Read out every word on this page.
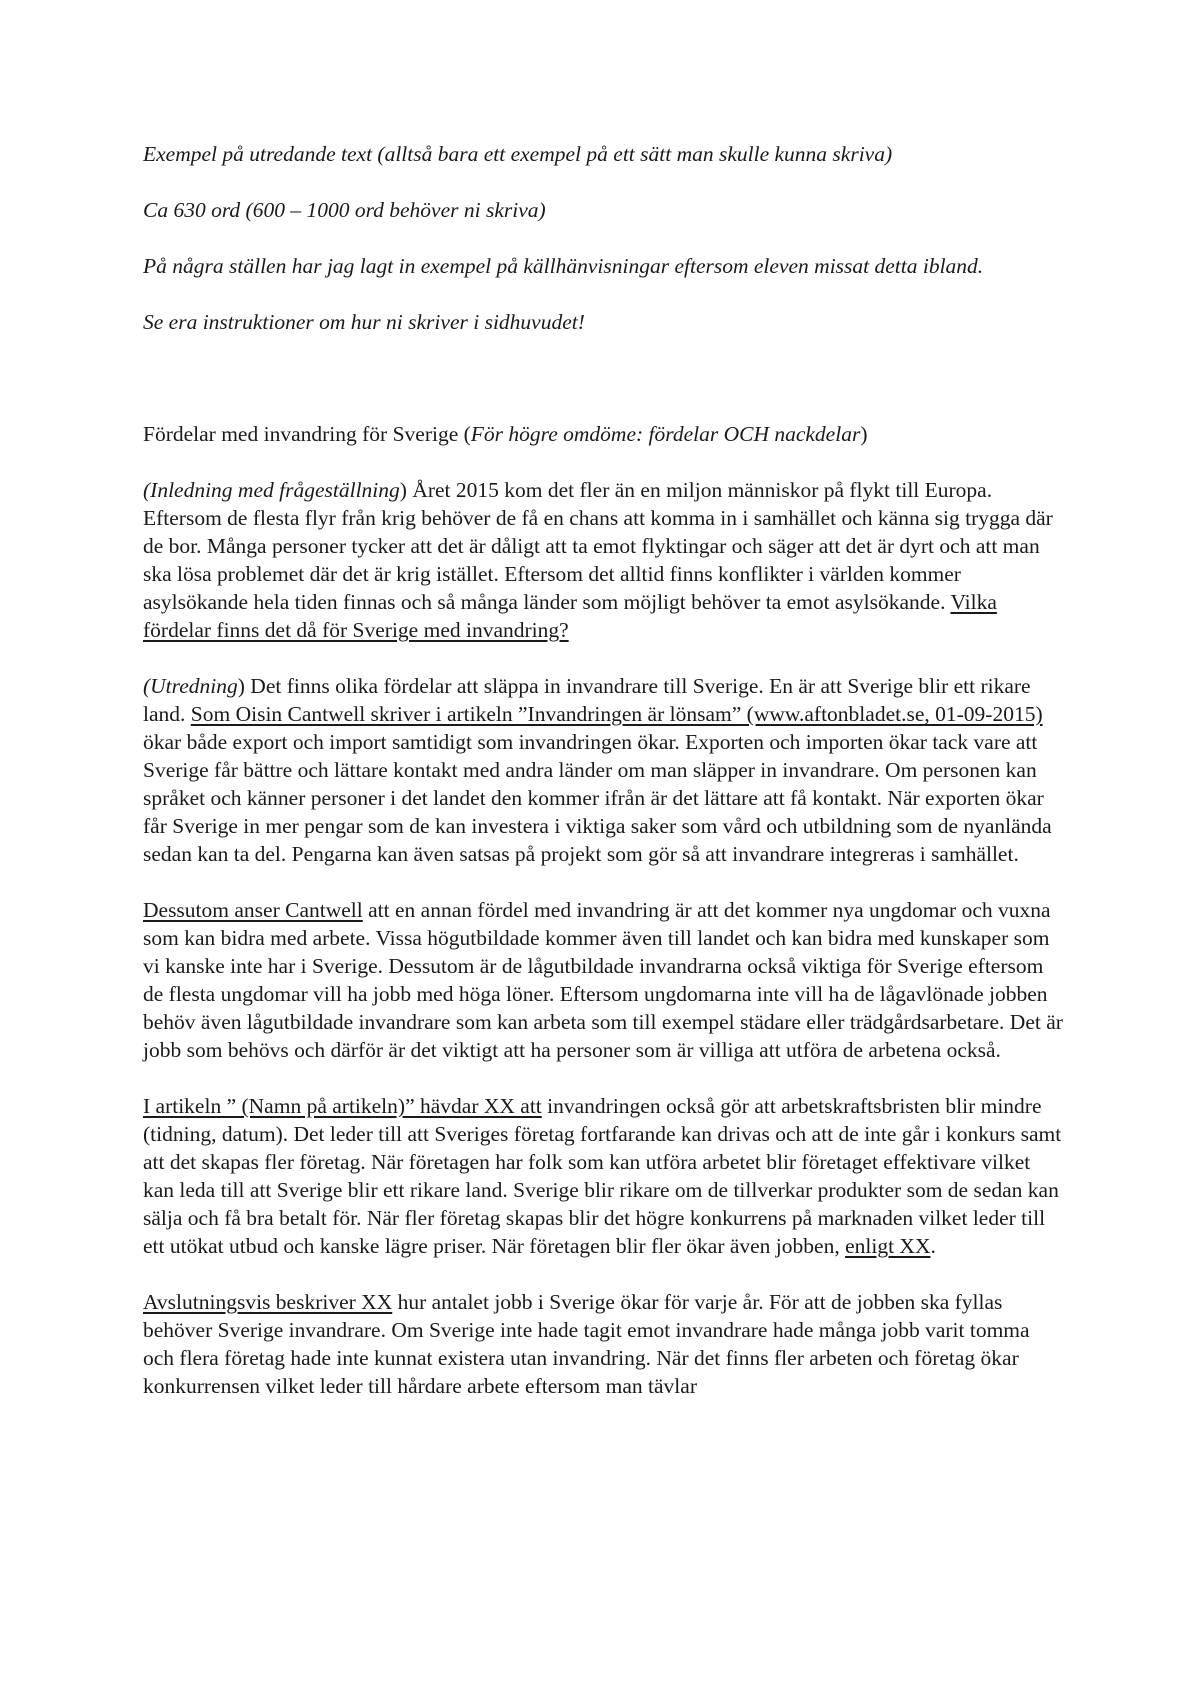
Exempel på utredande text (alltså bara ett exempel på ett sätt man skulle kunna skriva)

Ca 630 ord (600 – 1000 ord behöver ni skriva)

På några ställen har jag lagt in exempel på källhänvisningar eftersom eleven missat detta ibland.

Se era instruktioner om hur ni skriver i sidhuvudet!

Fördelar med invandring för Sverige (För högre omdöme: fördelar OCH nackdelar)

(Inledning med frågeställning) Året 2015 kom det fler än en miljon människor på flykt till Europa. Eftersom de flesta flyr från krig behöver de få en chans att komma in i samhället och känna sig trygga där de bor. Många personer tycker att det är dåligt att ta emot flyktingar och säger att det är dyrt och att man ska lösa problemet där det är krig istället. Eftersom det alltid finns konflikter i världen kommer asylsökande hela tiden finnas och så många länder som möjligt behöver ta emot asylsökande. Vilka fördelar finns det då för Sverige med invandring?

(Utredning) Det finns olika fördelar att släppa in invandrare till Sverige. En är att Sverige blir ett rikare land. Som Oisin Cantwell skriver i artikeln ”Invandringen är lönsam” (www.aftonbladet.se, 01-09-2015) ökar både export och import samtidigt som invandringen ökar. Exporten och importen ökar tack vare att Sverige får bättre och lättare kontakt med andra länder om man släpper in invandrare. Om personen kan språket och känner personer i det landet den kommer ifrån är det lättare att få kontakt. När exporten ökar får Sverige in mer pengar som de kan investera i viktiga saker som vård och utbildning som de nyanlända sedan kan ta del. Pengarna kan även satsas på projekt som gör så att invandrare integreras i samhället.

Dessutom anser Cantwell att en annan fördel med invandring är att det kommer nya ungdomar och vuxna som kan bidra med arbete. Vissa högutbildade kommer även till landet och kan bidra med kunskaper som vi kanske inte har i Sverige. Dessutom är de lågutbildade invandrarna också viktiga för Sverige eftersom de flesta ungdomar vill ha jobb med höga löner. Eftersom ungdomarna inte vill ha de lågavlönade jobben behöv även lågutbildade invandrare som kan arbeta som till exempel städare eller trädgårdsarbetare. Det är jobb som behövs och därför är det viktigt att ha personer som är villiga att utföra de arbetena också.

I artikeln ” (Namn på artikeln)” hävdar XX att invandringen också gör att arbetskraftsbristen blir mindre (tidning, datum). Det leder till att Sveriges företag fortfarande kan drivas och att de inte går i konkurs samt att det skapas fler företag. När företagen har folk som kan utföra arbetet blir företaget effektivare vilket kan leda till att Sverige blir ett rikare land. Sverige blir rikare om de tillverkar produkter som de sedan kan sälja och få bra betalt för. När fler företag skapas blir det högre konkurrens på marknaden vilket leder till ett utökat utbud och kanske lägre priser. När företagen blir fler ökar även jobben, enligt XX.

Avslutningsvis beskriver XX hur antalet jobb i Sverige ökar för varje år. För att de jobben ska fyllas behöver Sverige invandrare. Om Sverige inte hade tagit emot invandrare hade många jobb varit tomma och flera företag hade inte kunnat existera utan invandring. När det finns fler arbeten och företag ökar konkurrensen vilket leder till hårdare arbete eftersom man tävlar
